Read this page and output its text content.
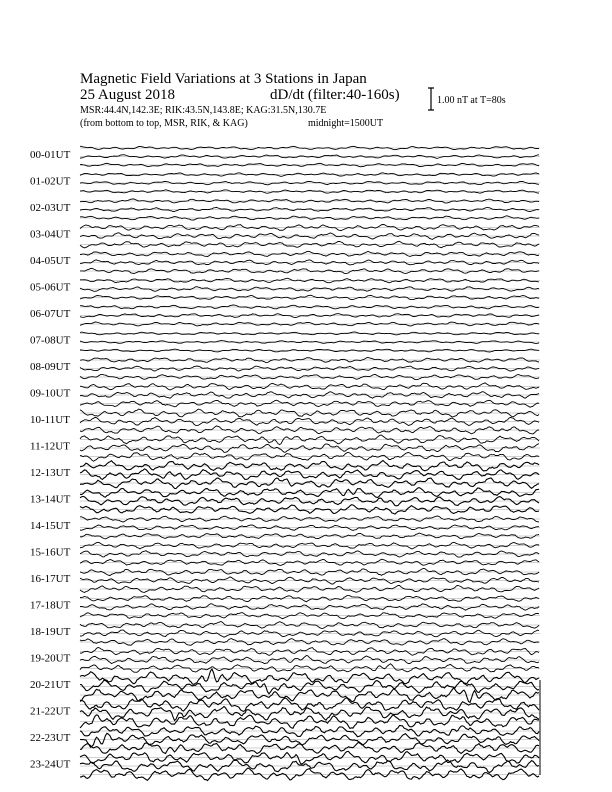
Magnetic Field Variations at 3 Stations in Japan
25 August 2018	dD/dt (filter:40-160s)
MSR:44.4N,142.3E; RIK:43.5N,143.8E; KAG:31.5N,130.7E
(from bottom to top, MSR, RIK, & KAG)	midnight=1500UT
1.00 nT at T=80s
00-01UT
01-02UT
02-03UT
03-04UT
04-05UT
05-06UT
06-07UT
07-08UT
08-09UT
09-10UT
10-11UT
11-12UT
12-13UT
13-14UT
14-15UT
15-16UT
16-17UT
17-18UT
18-19UT
19-20UT
20-21UT
21-22UT
22-23UT
23-24UT
